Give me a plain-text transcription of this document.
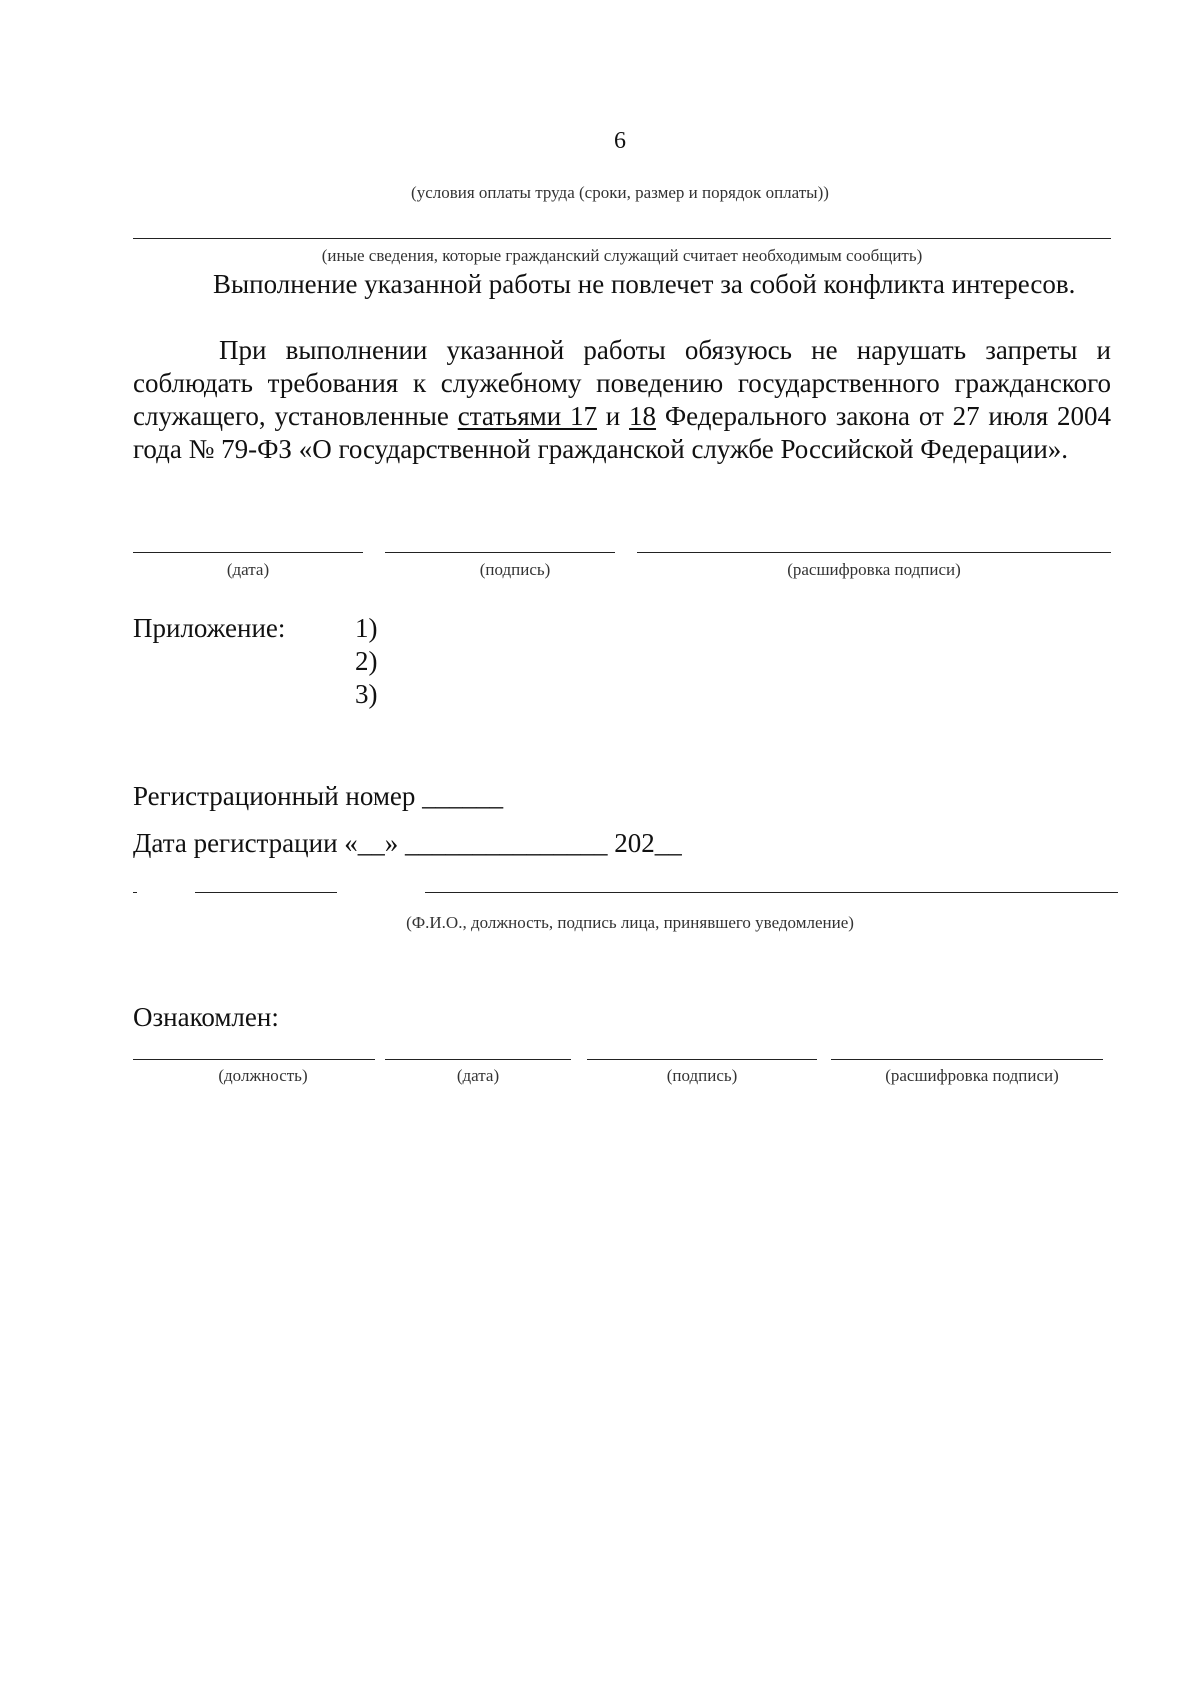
6
(условия оплаты труда (сроки, размер и порядок оплаты))
(иные сведения, которые гражданский служащий считает необходимым сообщить)
Выполнение указанной работы не повлечет за собой конфликта интересов.
При выполнении указанной работы обязуюсь не нарушать запреты и соблюдать требования к служебному поведению государственного гражданского служащего, установленные статьями 17 и 18 Федерального закона от 27 июля 2004 года № 79-ФЗ «О государственной гражданской службе Российской Федерации».
(дата)	(подпись)	(расшифровка подписи)
Приложение:	1)
2)
3)
Регистрационный номер ______
Дата регистрации «__» _______________ 202__
(Ф.И.О., должность, подпись лица, принявшего уведомление)
Ознакомлен:
(должность)	(дата)	(подпись)	(расшифровка подписи)
